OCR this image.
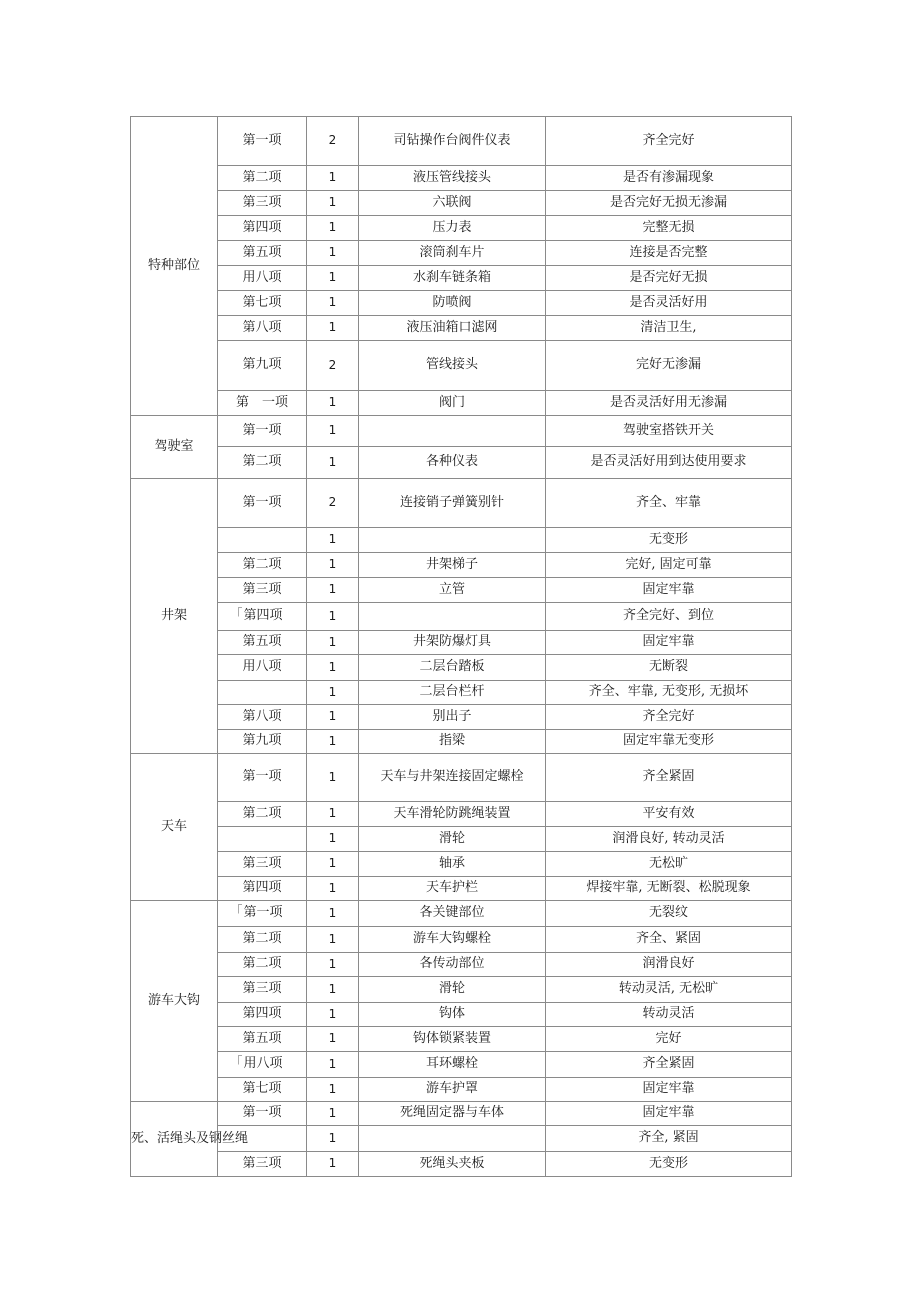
特种部位	第一项	2	司钻操作台阀件仪表	齐全完好
	第二项	1	液压管线接头	是否有渗漏现象
	第三项	1	六联阀	是否完好无损无渗漏
	第四项	1	压力表	完整无损
	第五项	1	滚筒刹车片	连接是否完整
	用八项	1	水刹车链条箱	是否完好无损
	第七项	1	防喷阀	是否灵活好用
	第八项	1	液压油箱口滤网	清洁卫生,
	第九项	2	管线接头	完好无渗漏
	第　一项	1	阀门	是否灵活好用无渗漏
驾驶室	第一项	1		驾驶室搭铁开关
	第二项	1	各种仪表	是否灵活好用到达使用要求
井架	第一项	2	连接销子弹簧别针	齐全、牢靠
		1		无变形
	第二项	1	井架梯子	完好, 固定可靠
	第三项	1	立管	固定牢靠
	「第四项	1		齐全完好、到位
	第五项	1	井架防爆灯具	固定牢靠
	用八项	1	二层台踏板	无断裂
		1	二层台栏杆	齐全、牢靠, 无变形, 无损坏
	第八项	1	别出子	齐全完好
	第九项	1	指梁	固定牢靠无变形
天车	第一项	1	天车与井架连接固定螺栓	齐全紧固
	第二项	1	天车滑轮防跳绳装置	平安有效
		1	滑轮	润滑良好, 转动灵活
	第三项	1	轴承	无松旷
	第四项	1	天车护栏	焊接牢靠, 无断裂、松脱现象
游车大钩	「第一项	1	各关键部位	无裂纹
	第二项	1	游车大钩螺栓	齐全、紧固
	第二项	1	各传动部位	润滑良好
	第三项	1	滑轮	转动灵活, 无松旷
	第四项	1	钩体	转动灵活
	第五项	1	钩体锁紧装置	完好
	「用八项	1	耳环螺栓	齐全紧固
	第七项	1	游车护罩	固定牢靠
死、活绳头及钢丝绳	第一项	1	死绳固定器与车体	固定牢靠
		1		齐全, 紧固
	第三项	1	死绳头夹板	无变形
